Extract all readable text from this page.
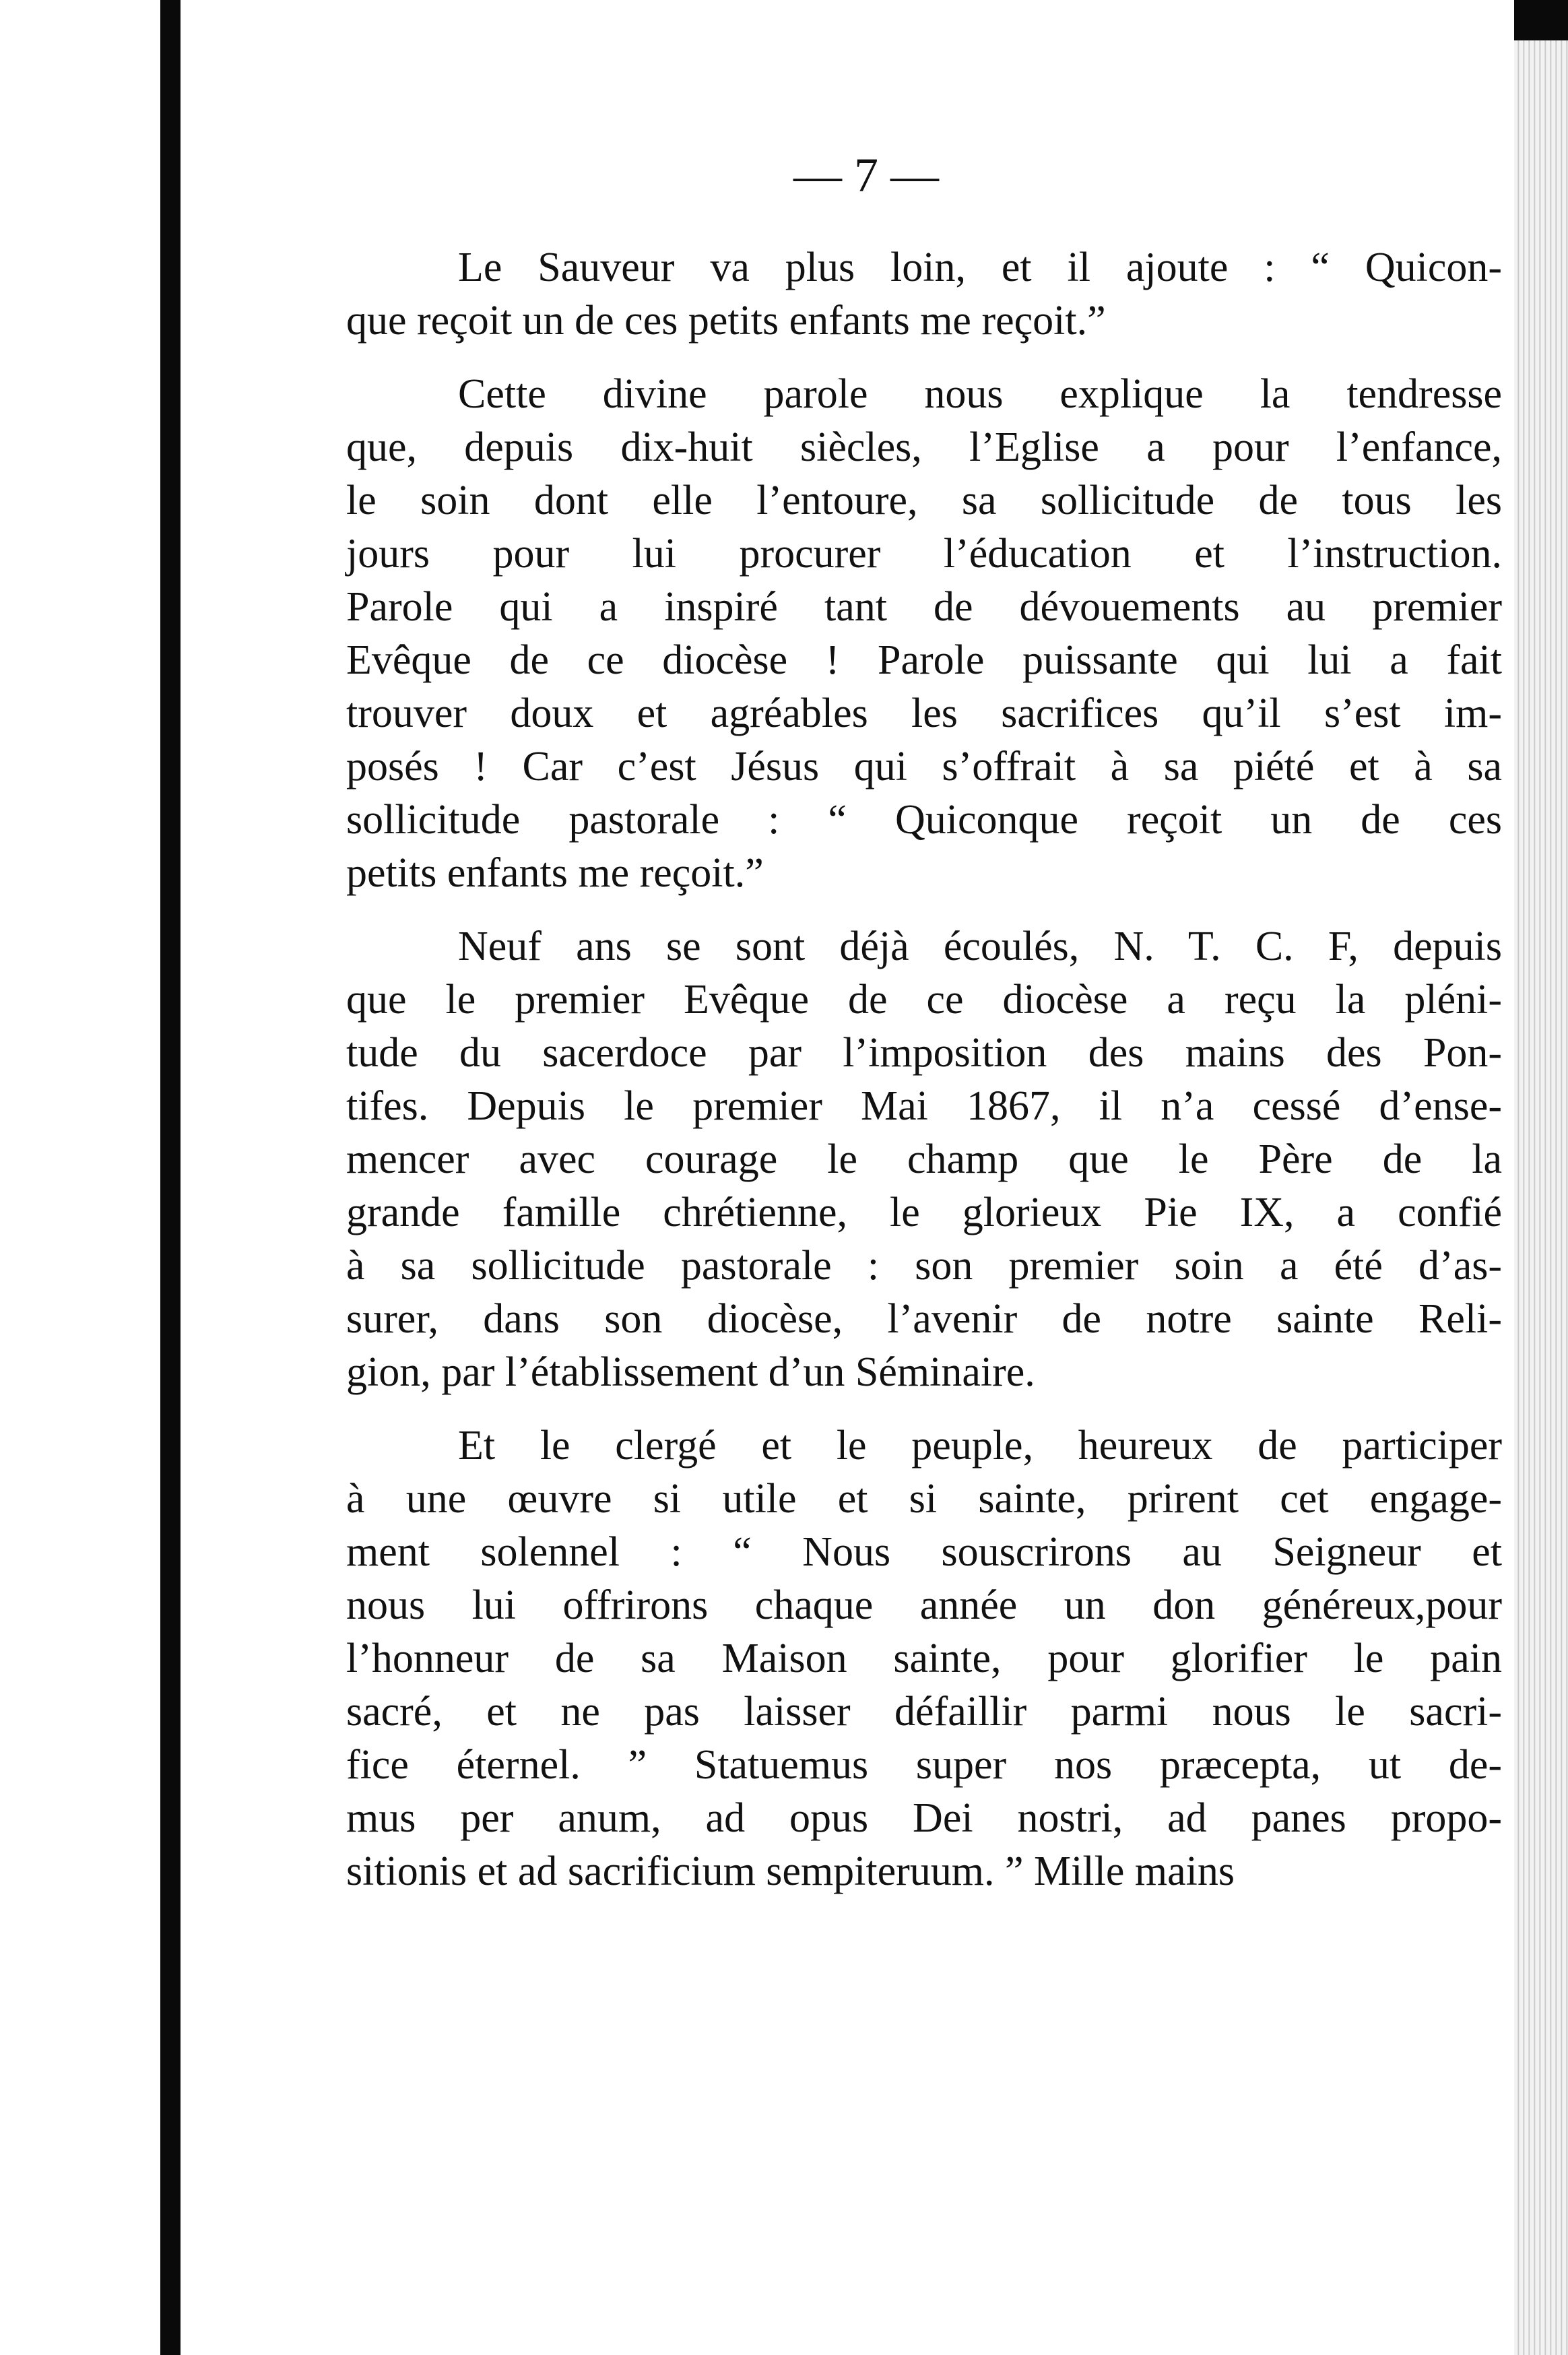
— 7 —
Le Sauveur va plus loin, et il ajoute : “ Quicon-
que reçoit un de ces petits enfants me reçoit.”
Cette divine parole nous explique la tendresse
que, depuis dix-huit siècles, l’Eglise a pour l’enfance,
le soin dont elle l’entoure, sa sollicitude de tous les
jours pour lui procurer l’éducation et l’instruction.
Parole qui a inspiré tant de dévouements au premier
Evêque de ce diocèse ! Parole puissante qui lui a fait
trouver doux et agréables les sacrifices qu’il s’est im-
posés ! Car c’est Jésus qui s’offrait à sa piété et à sa
sollicitude pastorale : “ Quiconque reçoit un de ces
petits enfants me reçoit.”
Neuf ans se sont déjà écoulés, N. T. C. F, depuis
que le premier Evêque de ce diocèse a reçu la pléni-
tude du sacerdoce par l’imposition des mains des Pon-
tifes. Depuis le premier Mai 1867, il n’a cessé d’ense-
mencer avec courage le champ que le Père de la
grande famille chrétienne, le glorieux Pie IX, a confié
à sa sollicitude pastorale : son premier soin a été d’as-
surer, dans son diocèse, l’avenir de notre sainte Reli-
gion, par l’établissement d’un Séminaire.
Et le clergé et le peuple, heureux de participer
à une œuvre si utile et si sainte, prirent cet engage-
ment solennel : “ Nous souscrirons au Seigneur et
nous lui offrirons chaque année un don généreux,pour
l’honneur de sa Maison sainte, pour glorifier le pain
sacré, et ne pas laisser défaillir parmi nous le sacri-
fice éternel. ” Statuemus super nos præcepta, ut de-
mus per anum, ad opus Dei nostri, ad panes propo-
sitionis et ad sacrificium sempiteruum. ” Mille mains
